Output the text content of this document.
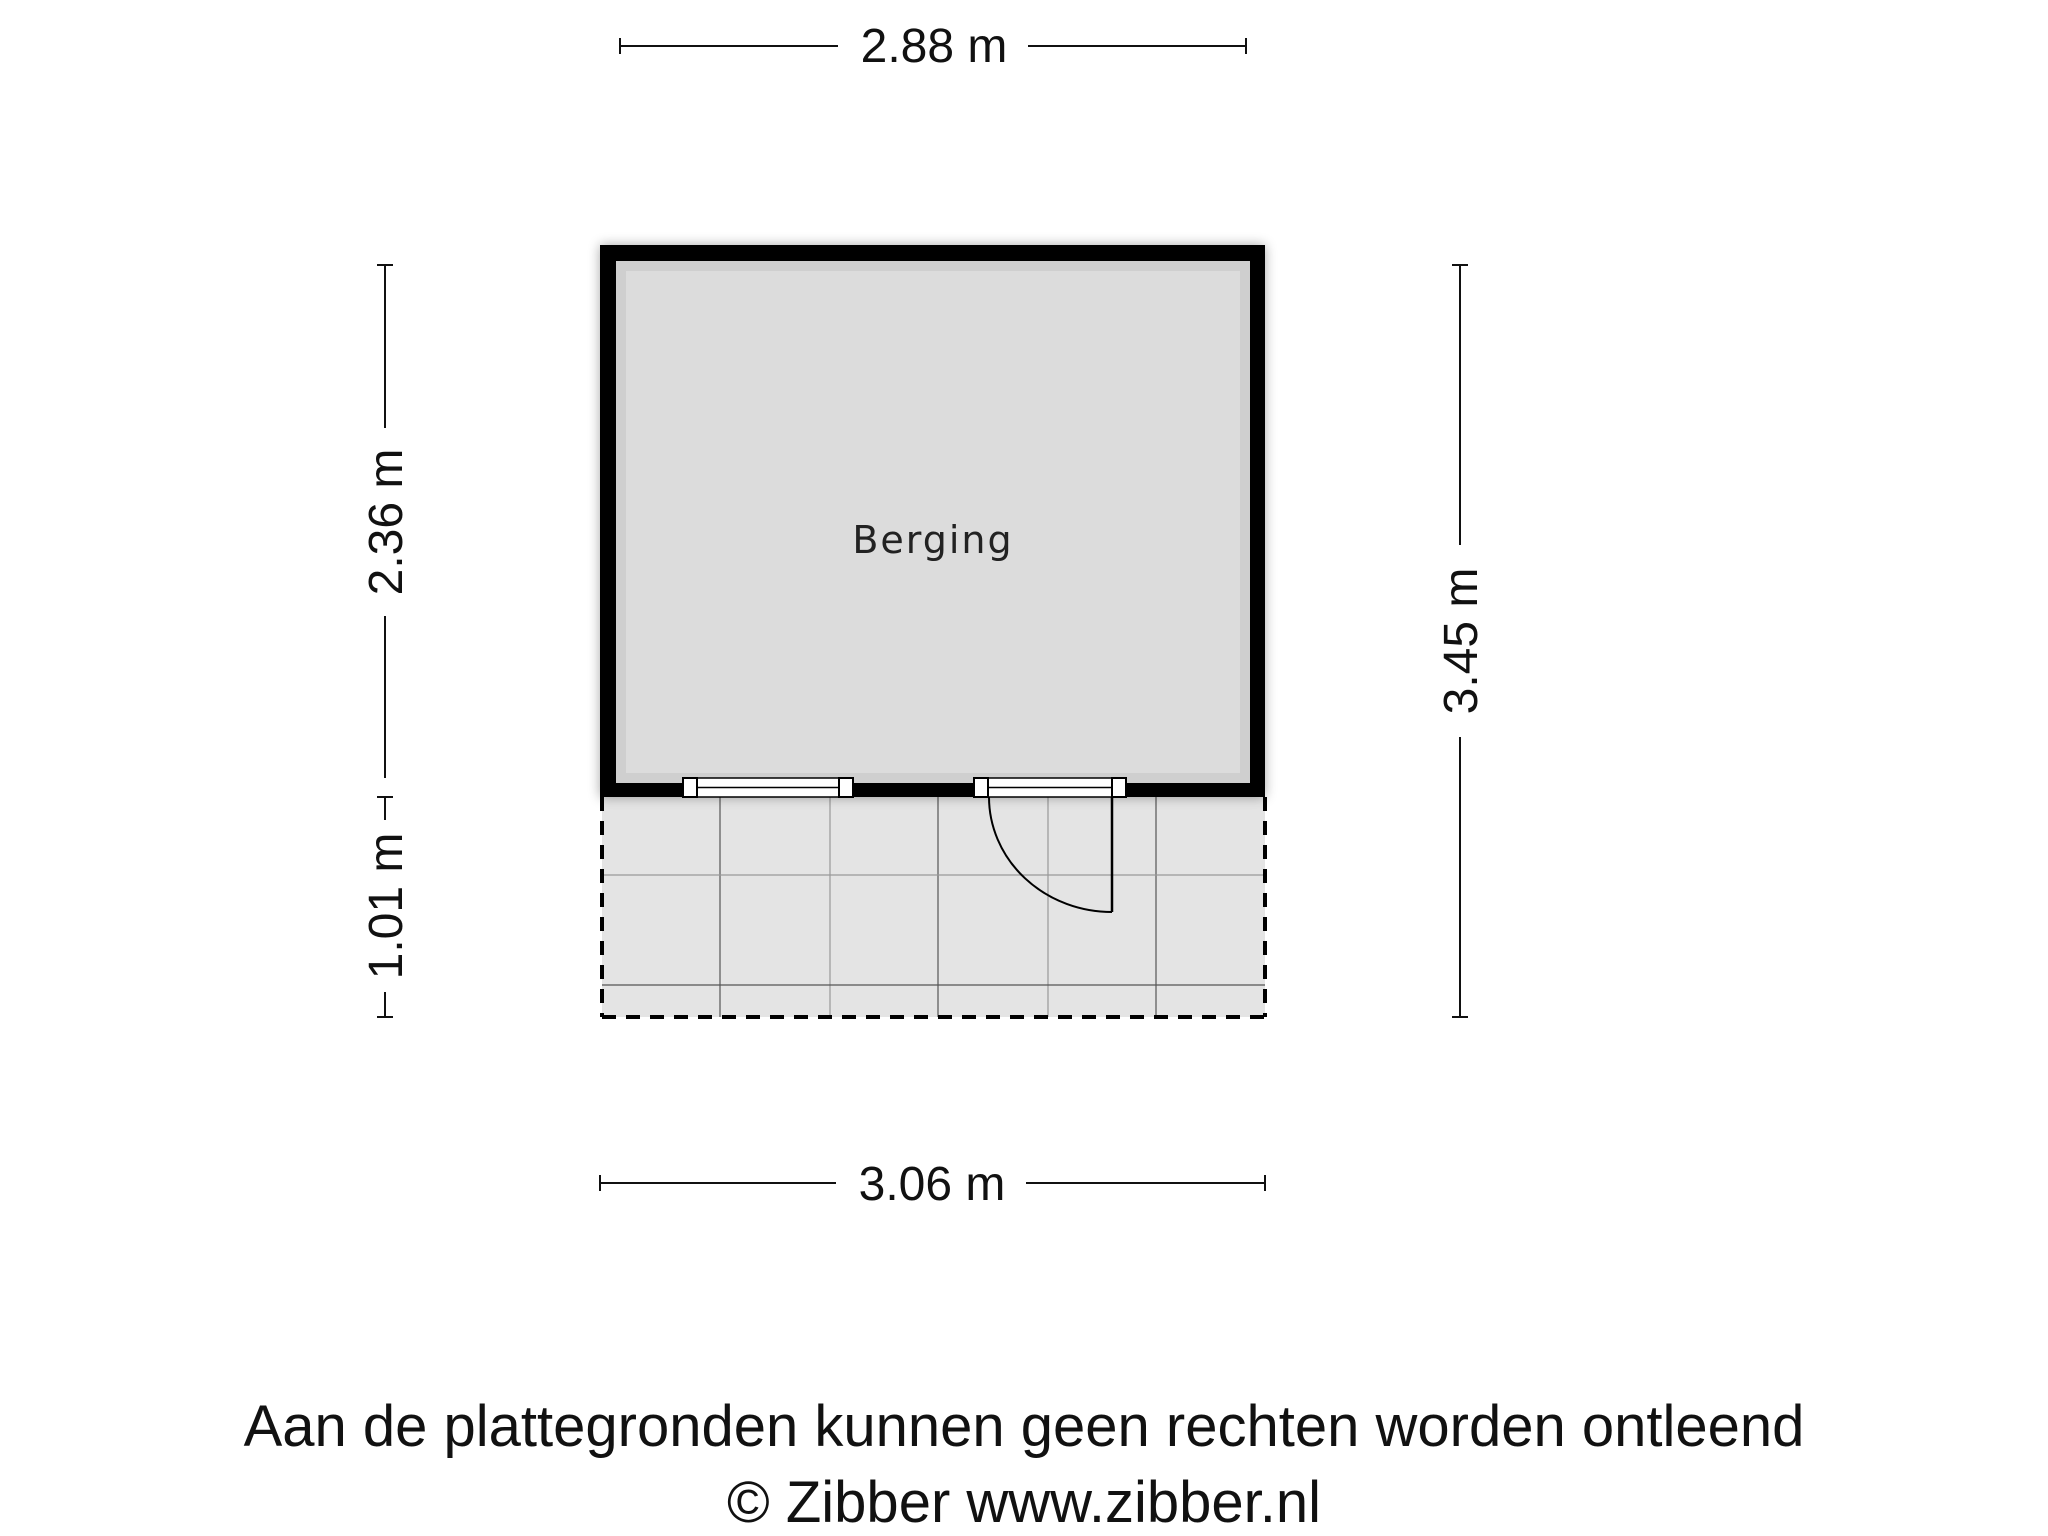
Berging
2.88 m
3.06 m
2.36 m
1.01 m
3.45 m
Aan de plattegronden kunnen geen rechten worden ontleend
© Zibber www.zibber.nl
